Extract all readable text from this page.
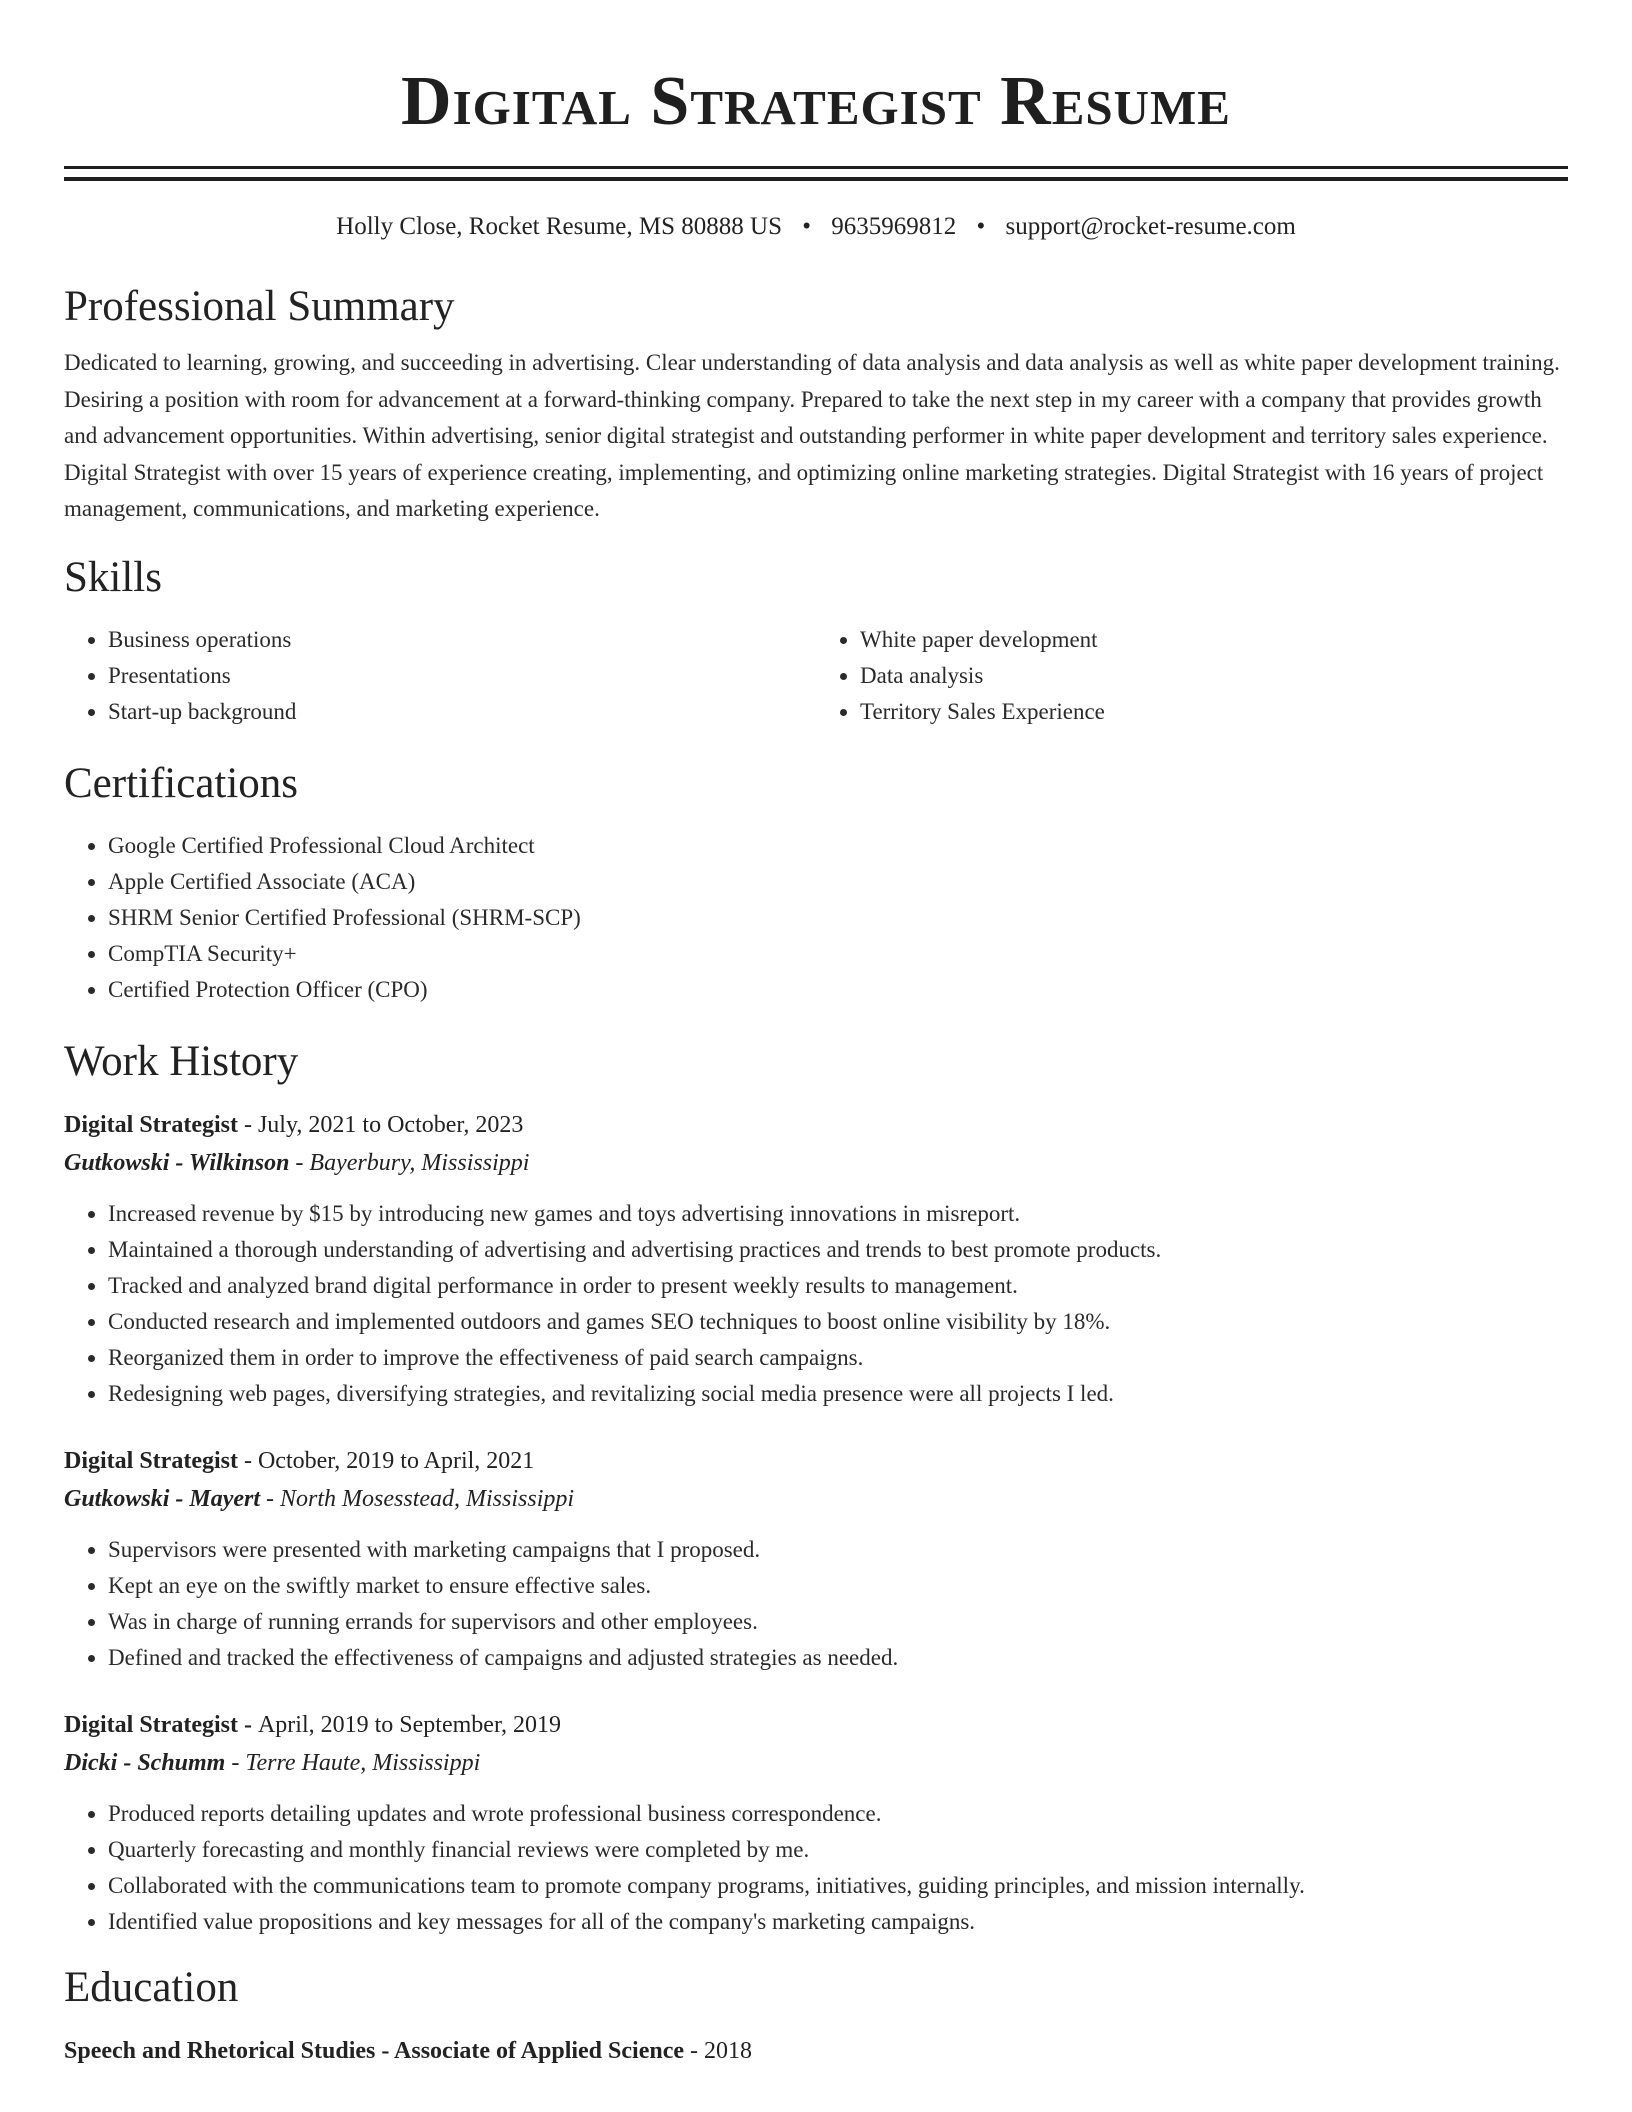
Digital Strategist Resume
Holly Close, Rocket Resume, MS 80888 US • 9635969812 • support@rocket-resume.com
Professional Summary

Dedicated to learning, growing, and succeeding in advertising. Clear understanding of data analysis and data analysis as well as white paper development training. Desiring a position with room for advancement at a forward-thinking company. Prepared to take the next step in my career with a company that provides growth and advancement opportunities. Within advertising, senior digital strategist and outstanding performer in white paper development and territory sales experience. Digital Strategist with over 15 years of experience creating, implementing, and optimizing online marketing strategies. Digital Strategist with 16 years of project management, communications, and marketing experience.

Skills
• Business operations
• Presentations
• Start-up background
• White paper development
• Data analysis
• Territory Sales Experience
Certifications
• Google Certified Professional Cloud Architect
• Apple Certified Associate (ACA)
• SHRM Senior Certified Professional (SHRM-SCP)
• CompTIA Security+
• Certified Protection Officer (CPO)
Work History
Digital Strategist - July, 2021 to October, 2023
Gutkowski - Wilkinson - Bayerbury, Mississippi
• Increased revenue by $15 by introducing new games and toys advertising innovations in misreport.
• Maintained a thorough understanding of advertising and advertising practices and trends to best promote products.
• Tracked and analyzed brand digital performance in order to present weekly results to management.
• Conducted research and implemented outdoors and games SEO techniques to boost online visibility by 18%.
• Reorganized them in order to improve the effectiveness of paid search campaigns.
• Redesigning web pages, diversifying strategies, and revitalizing social media presence were all projects I led.
Digital Strategist - October, 2019 to April, 2021
Gutkowski - Mayert - North Mosesstead, Mississippi
• Supervisors were presented with marketing campaigns that I proposed.
• Kept an eye on the swiftly market to ensure effective sales.
• Was in charge of running errands for supervisors and other employees.
• Defined and tracked the effectiveness of campaigns and adjusted strategies as needed.
Digital Strategist - April, 2019 to September, 2019
Dicki - Schumm - Terre Haute, Mississippi
• Produced reports detailing updates and wrote professional business correspondence.
• Quarterly forecasting and monthly financial reviews were completed by me.
• Collaborated with the communications team to promote company programs, initiatives, guiding principles, and mission internally.
• Identified value propositions and key messages for all of the company's marketing campaigns.
Education
Speech and Rhetorical Studies - Associate of Applied Science - 2018
